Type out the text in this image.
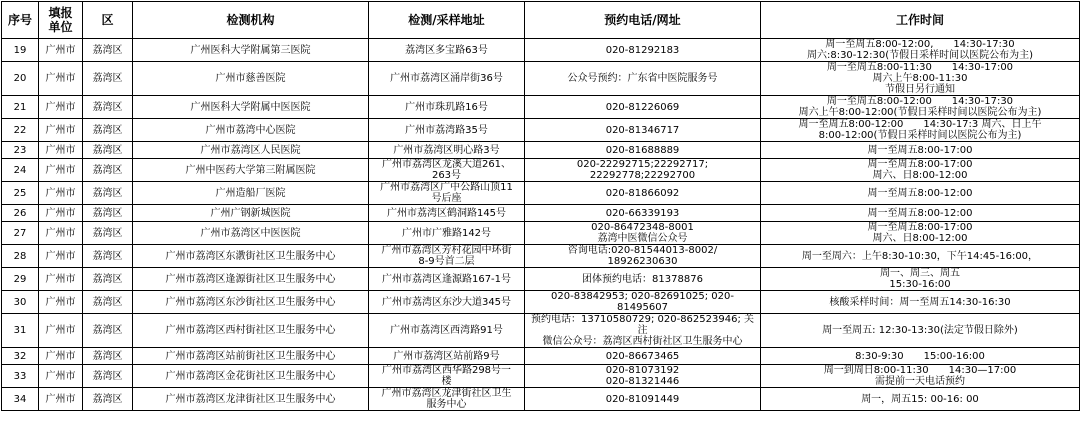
序号	填报
单位	区	检测机构	检测/采样地址	预约电话/网址	工作时间
19	广州市	荔湾区	广州医科大学附属第三医院	荔湾区多宝路63号	020-81292183	周一至周五8:00-12:00,　　14:30-17:30
周六:8:30-12:30(节假日采样时间以医院公布为主)
20	广州市	荔湾区	广州市慈善医院	广州市荔湾区涌岸街36号	公众号预约：广东省中医院服务号	周一至周五8:00-11:30　　14:30-17:00
周六上午8:00-11:30
节假日另行通知
21	广州市	荔湾区	广州医科大学附属中医医院	广州市珠玑路16号	020-81226069	周一至周五8:00-12:00　　14:30-17:30
周六上午8:00-12:00(节假日采样时间以医院公布为主)
22	广州市	荔湾区	广州市荔湾中心医院	广州市荔湾路35号	020-81346717	周一至周五8:00-12:00　　14:30-17:3 周六、日上午
8:00-12:00(节假日采样时间以医院公布为主)
23	广州市	荔湾区	广州市荔湾区人民医院	广州市荔湾区明心路3号	020-81688889	周一至周五8:00-17:00
24	广州市	荔湾区	广州中医药大学第三附属医院	广州市荔湾区龙溪大道261、
263号	020-22292715;22292717;
22292778;22292700	周一至周五8:00-17:00
周六、日8:00-12:00
25	广州市	荔湾区	广州造船厂医院	广州市荔湾区广中公路山顶11
号后座	020-81866092	周一至周五8:00-12:00
26	广州市	荔湾区	广州广钢新城医院	广州市荔湾区鹤洞路145号	020-66339193	周一至周五8:00-12:00
27	广州市	荔湾区	广州市荔湾区中医医院	广州市广雅路142号	020-86472348-8001
荔湾中医微信公众号	周一至周五8:00-17:00
周六、日8:00-12:00
28	广州市	荔湾区	广州市荔湾区东漖街社区卫生服务中心	广州市荔湾区芳村花园中环街
8-9号首二层	咨询电话:020-81544013-8002/
18926230630	周一至周六：上午8:30-10:30，下午14:45-16:00，
29	广州市	荔湾区	广州市荔湾区逢源街社区卫生服务中心	广州市荔湾区逢源路167-1号	团体预约电话：81378876	周一、周三、周五
15:30-16:00
30	广州市	荔湾区	广州市荔湾区东沙街社区卫生服务中心	广州市荔湾区东沙大道345号	020-83842953; 020-82691025; 020-81495607	核酸采样时间：周一至周五14:30-16:30
31	广州市	荔湾区	广州市荔湾区西村街社区卫生服务中心	广州市荔湾区西湾路91号	预约电话：13710580729; 020-862523946; 关注
微信公众号：荔湾区西村街社区卫生服务中心	周一至周五: 12:30-13:30(法定节假日除外)
32	广州市	荔湾区	广州市荔湾区站前街社区卫生服务中心	广州市荔湾区站前路9号	020-86673465	8:30-9:30　　15:00-16:00
33	广州市	荔湾区	广州市荔湾区金花街社区卫生服务中心	广州市荔湾区西华路298号一
楼	020-81073192
020-81321446	周一到周日8:00-11:30　　14:30—17:00
需提前一天电话预约
34	广州市	荔湾区	广州市荔湾区龙津街社区卫生服务中心	广州市荔湾区龙津街社区卫生
服务中心	020-81091449	周一，周五15: 00-16: 00
